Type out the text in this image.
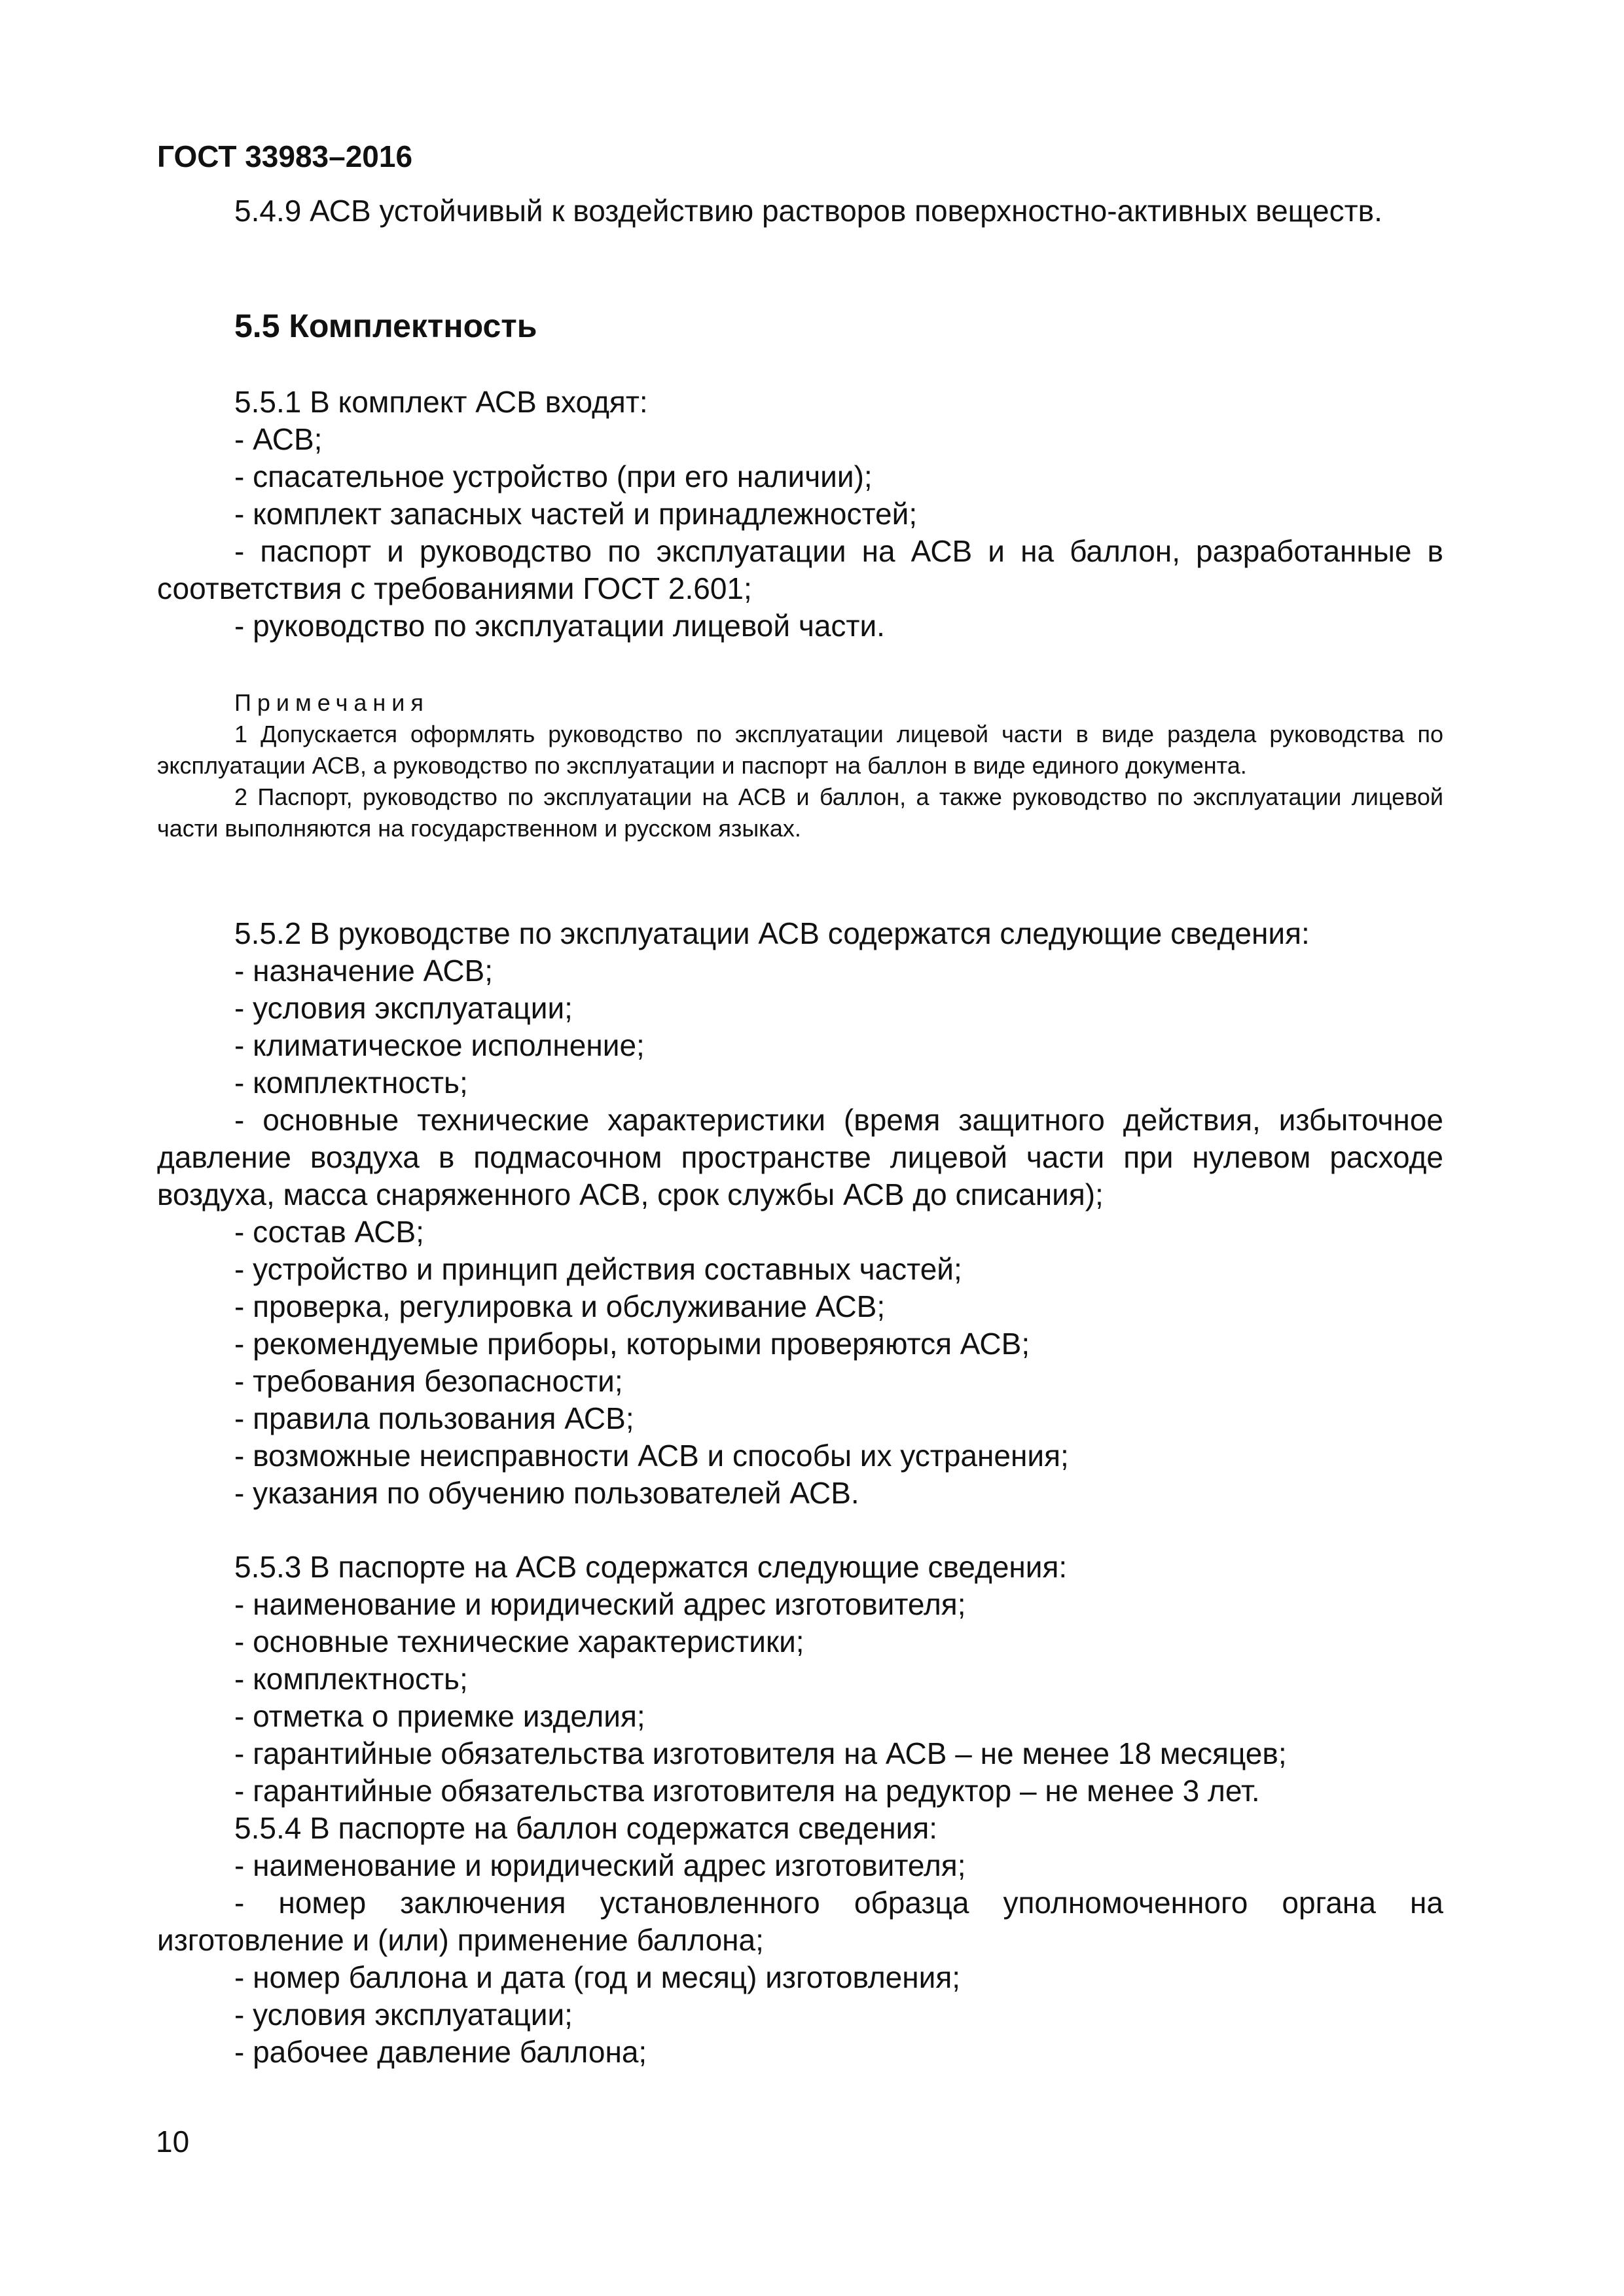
ГОСТ 33983–2016

5.4.9 АСВ устойчивый к воздействию растворов поверхностно-активных веществ.

5.5 Комплектность

5.5.1 В комплект АСВ входят:

- АСВ;

- спасательное устройство (при его наличии);

- комплект запасных частей и принадлежностей;

- паспорт и руководство по эксплуатации на АСВ и на баллон, разработанные в соответствия с требованиями ГОСТ 2.601;

- руководство по эксплуатации лицевой части.

Примечания

1 Допускается оформлять руководство по эксплуатации лицевой части в виде раздела руководства по эксплуатации АСВ, а руководство по эксплуатации и паспорт на баллон в виде единого документа.

2 Паспорт, руководство по эксплуатации на АСВ и баллон, а также руководство по эксплуатации лицевой части выполняются на государственном и русском языках.

5.5.2 В руководстве по эксплуатации АСВ содержатся следующие сведения:

- назначение АСВ;

- условия эксплуатации;

- климатическое исполнение;

- комплектность;

- основные технические характеристики (время защитного действия, избыточное давление воздуха в подмасочном пространстве лицевой части при нулевом расходе воздуха, масса снаряженного АСВ, срок службы АСВ до списания);

- состав АСВ;

- устройство и принцип действия составных частей;

- проверка, регулировка и обслуживание АСВ;

- рекомендуемые приборы, которыми проверяются АСВ;

- требования безопасности;

- правила пользования АСВ;

- возможные неисправности АСВ и способы их устранения;

- указания по обучению пользователей АСВ.

5.5.3 В паспорте на АСВ содержатся следующие сведения:

- наименование и юридический адрес изготовителя;

- основные технические характеристики;

- комплектность;

- отметка о приемке изделия;

- гарантийные обязательства изготовителя на АСВ – не менее 18 месяцев;

- гарантийные обязательства изготовителя на редуктор – не менее 3 лет.

5.5.4 В паспорте на баллон содержатся сведения:

- наименование и юридический адрес изготовителя;

- номер заключения установленного образца уполномоченного органа на изготовление и (или) применение баллона;

- номер баллона и дата (год и месяц) изготовления;

- условия эксплуатации;

- рабочее давление баллона;

10
